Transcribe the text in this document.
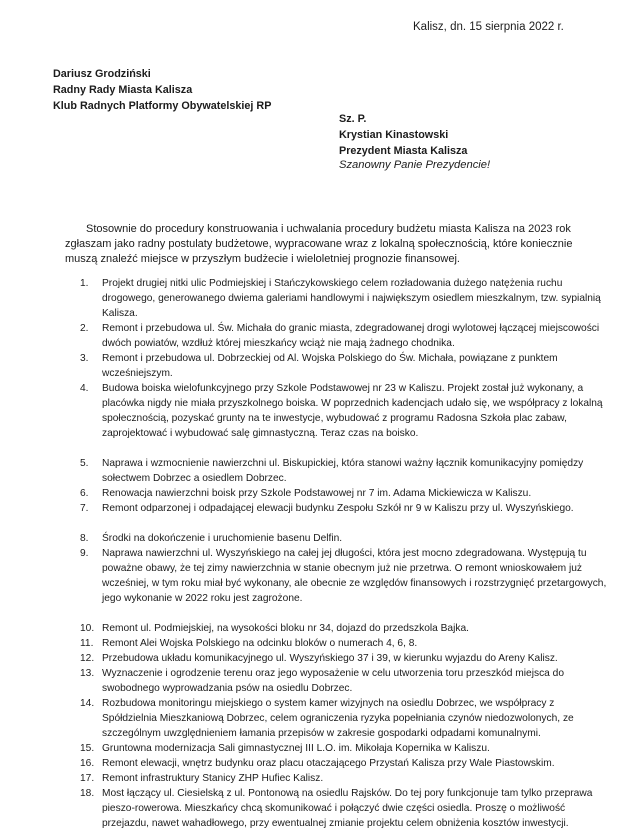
Kalisz, dn. 15 sierpnia 2022 r.
Dariusz Grodziński
Radny Rady Miasta Kalisza
Klub Radnych Platformy Obywatelskiej RP
Sz. P.
Krystian Kinastowski
Prezydent Miasta Kalisza
Szanowny Panie Prezydencie!

Stosownie do procedury konstruowania i uchwalania procedury budżetu miasta Kalisza na 2023 rok zgłaszam jako radny postulaty budżetowe, wypracowane wraz z lokalną społecznością, które koniecznie muszą znaleźć miejsce w przyszłym budżecie i wieloletniej prognozie finansowej.

1. Projekt drugiej nitki ulic Podmiejskiej i Stańczykowskiego celem rozładowania dużego natężenia ruchu drogowego, generowanego dwiema galeriami handlowymi i największym osiedlem mieszkalnym, tzw. sypialnią Kalisza.
2. Remont i przebudowa ul. Św. Michała do granic miasta, zdegradowanej drogi wylotowej łączącej miejscowości dwóch powiatów, wzdłuż której mieszkańcy wciąż nie mają żadnego chodnika.
3. Remont i przebudowa ul. Dobrzeckiej od Al. Wojska Polskiego do Św. Michała, powiązane z punktem wcześniejszym.
4. Budowa boiska wielofunkcyjnego przy Szkole Podstawowej nr 23 w Kaliszu. Projekt został już wykonany, a placówka nigdy nie miała przyszkolnego boiska. W poprzednich kadencjach udało się, we współpracy z lokalną społecznością, pozyskać grunty na te inwestycje, wybudować z programu Radosna Szkoła plac zabaw, zaprojektować i wybudować salę gimnastyczną. Teraz czas na boisko.
5. Naprawa i wzmocnienie nawierzchni ul. Biskupickiej, która stanowi ważny łącznik komunikacyjny pomiędzy sołectwem Dobrzec a osiedlem Dobrzec.
6. Renowacja nawierzchni boisk przy Szkole Podstawowej nr 7 im. Adama Mickiewicza w Kaliszu.
7. Remont odparzonej i odpadającej elewacji budynku Zespołu Szkół nr 9 w Kaliszu przy ul. Wyszyńskiego.
8. Środki na dokończenie i uruchomienie basenu Delfin.
9. Naprawa nawierzchni ul. Wyszyńskiego na całej jej długości, która jest mocno zdegradowana. Występują tu poważne obawy, że tej zimy nawierzchnia w stanie obecnym już nie przetrwa. O remont wnioskowałem już wcześniej, w tym roku miał być wykonany, ale obecnie ze względów finansowych i rozstrzygnięć przetargowych, jego wykonanie w 2022 roku jest zagrożone.
10. Remont ul. Podmiejskiej, na wysokości bloku nr 34, dojazd do przedszkola Bajka.
11. Remont Alei Wojska Polskiego na odcinku bloków o numerach 4, 6, 8.
12. Przebudowa układu komunikacyjnego ul. Wyszyńskiego 37 i 39, w kierunku wyjazdu do Areny Kalisz.
13. Wyznaczenie i ogrodzenie terenu oraz jego wyposażenie w celu utworzenia toru przeszkód miejsca do swobodnego wyprowadzania psów na osiedlu Dobrzec.
14. Rozbudowa monitoringu miejskiego o system kamer wizyjnych na osiedlu Dobrzec, we współpracy z Spółdzielnia Mieszkaniową Dobrzec, celem ograniczenia ryzyka popełniania czynów niedozwolonych, ze szczególnym uwzględnieniem łamania przepisów w zakresie gospodarki odpadami komunalnymi.
15. Gruntowna modernizacja Sali gimnastycznej III L.O. im. Mikołaja Kopernika w Kaliszu.
16. Remont elewacji, wnętrz budynku oraz placu otaczającego Przystań Kalisza przy Wale Piastowskim.
17. Remont infrastruktury Stanicy ZHP Hufiec Kalisz.
18. Most łączący ul. Ciesielską z ul. Pontonową na osiedlu Rajsków. Do tej pory funkcjonuje tam tylko przeprawa pieszo-rowerowa. Mieszkańcy chcą skomunikować i połączyć dwie części osiedla. Proszę o możliwość przejazdu, nawet wahadłowego, przy ewentualnej zmianie projektu celem obniżenia kosztów inwestycji.
